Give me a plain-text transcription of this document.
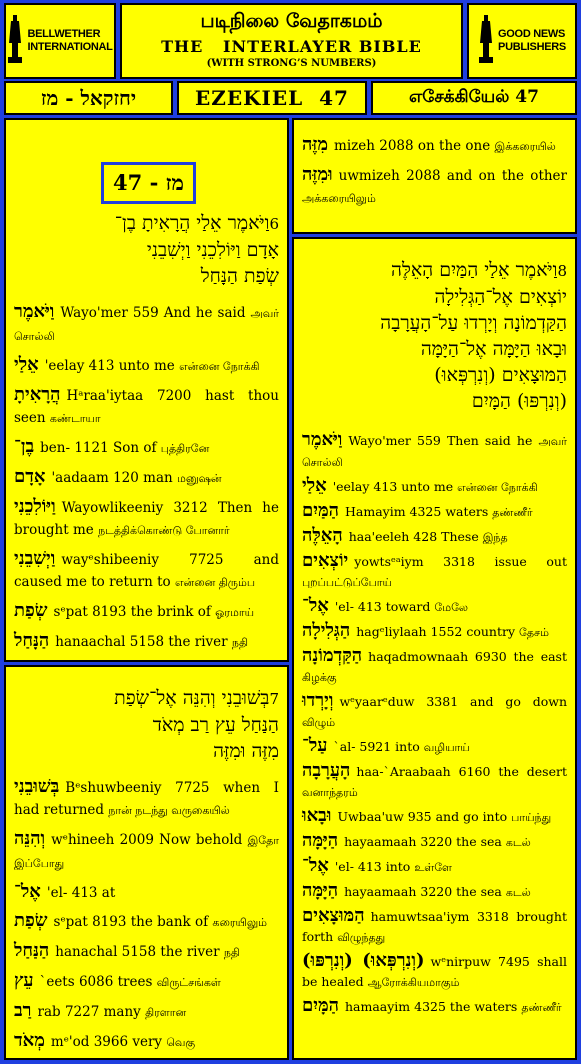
BELLWETHER
INTERNATIONAL
படிநிலை வேதாகமம்
THE   INTERLAYER BIBLE
(WITH STRONG’S NUMBERS)
GOOD NEWS
PUBLISHERS
יחזקאל - מז	EZEKIEL  47	எசேக்கியேல் 47
מז - 47
6וַיֹּאמֶר אֵלַי הֲרָאִיתָ בֶן־
אָדָם וַיּוֹלִכֵנִי וַיְשִׁבֵנִי
שְׂפַת הַנָּחַל
וַיֹּאמֶר Wayo'mer 559 And he said அவர் சொல்லி
אֵלַי 'eelay 413 unto me என்னை நோக்கி
הֲרָאִיתָ Hᵃraa'iytaa 7200 hast thou seen கண்டாயா
בֶן־ ben- 1121 Son of புத்திரனே
אָדָם 'aadaam 120 man மனுஷன்
וַיּוֹלִכֵנִי Wayowlikeeniy 3212 Then he brought me நடத்திக்கொண்டு போனார்
וַיְשִׁבֵנִי wayᵉshibeeniy 7725 and caused me to return to என்னை திரும்ப
שְׂפַת sᵉpat 8193 the brink of ஓரமாய்
הַנָּחַל hanaachal 5158 the river நதி
7בְּשׁוּבֵנִי וְהִנֵּה אֶל־שְׂפַת
הַנַּחַל עֵץ רַב מְאֹד
מִזֶּה וּמִזֶּה
בְּשׁוּבֵנִי Bᵉshuwbeeniy 7725 when I had returned நான் நடந்து வருகையில்
וְהִנֵּה wᵉhineeh 2009 Now behold இதோ இப்போது
אֶל־ 'el- 413 at
שְׂפַת sᵉpat 8193 the bank of கரையிலும்
הַנַּחַל hanachal 5158 the river நதி
עֵץ `eets 6086 trees விருட்சங்கள்
רַב rab 7227 many திரளான
מְאֹד mᵉ'od 3966 very வெகு
מִזֶּה mizeh 2088 on the one இக்கரையில்
וּמִזֶּה uwmizeh 2088 and on the other அக்கரையிலும்
8וַיֹּאמֶר אֵלַי הַמַּיִם הָאֵלֶּה
יוֹצְאִים אֶל־הַגְּלִילָה
הַקַּדְמוֹנָה וְיָרְדוּ עַל־הָעֲרָבָה
וּבָאוּ הַיָּמָּה אֶל־הַיָּמָּה
הַמּוּצָאִים (וְנִרְפְּאוּ)
(וְנִרְפּוּ) הַמָּיִם
וַיֹּאמֶר Wayo'mer 559 Then said he அவர் சொல்லி
אֵלַי 'eelay 413 unto me என்னை நோக்கி
הַמַּיִם Hamayim 4325 waters தண்ணீர்
הָאֵלֶּה haa'eeleh 428 These இந்த
יוֹצְאִים yowtsᵉᵃiym 3318 issue out புறப்பட்டுப்போய்
אֶל־ 'el- 413 toward மேலே
הַגְּלִילָה hagᵉliylaah 1552 country தேசம்
הַקַּדְמוֹנָה haqadmownaah 6930 the east கிழக்கு
וְיָרְדוּ wᵉyaarᵉduw 3381 and go down விழும்
עַל־ `al- 5921 into வழியாய்
הָעֲרָבָה haa-`Araabaah 6160 the desert வனாந்தரம்
וּבָאוּ Uwbaa'uw 935 and go into பாய்ந்து
הַיָּמָּה hayaamaah 3220 the sea கடல்
אֶל־ 'el- 413 into உள்ளே
הַיָּמָּה hayaamaah 3220 the sea கடல்
הַמּוּצָאִים hamuwtsaa'iym 3318 brought forth விழுந்தது
(וְנִרְפְּאוּ) (וְנִרְפּוּ) wᵉnirpuw 7495 shall be healed ஆரோக்கியமாகும்
הַמָּיִם hamaayim 4325 the waters தண்ணீர்
